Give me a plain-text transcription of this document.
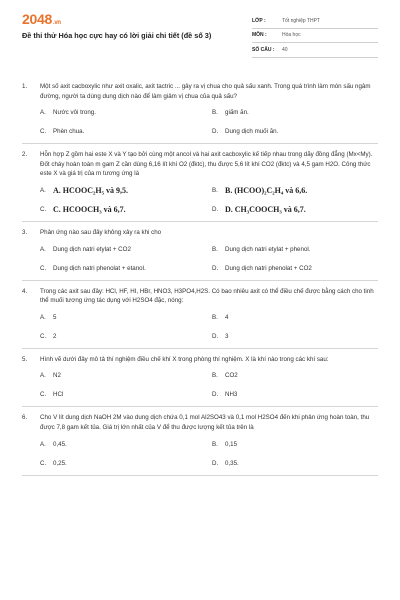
2048.vn
Đề thi thử Hóa học cực hay có lời giải chi tiết (đề số 3)
LỚP :	Tốt nghiệp THPT
MÔN :	Hóa học
SỐ CÂU :	40
1.	Một số axit cacboxylic như axit oxalic, axit tactric ... gây ra vị chua cho quả sấu xanh. Trong quá trình làm món sấu ngâm đường, người ta dùng dung dịch nào để làm giảm vị chua của quả sấu?
A.	Nước vôi trong.	B.	giấm ăn.
C.	Phèn chua.	D.	Dung dịch muối ăn.
2.	Hỗn hợp Z gồm hai este X và Y tạo bởi cùng một ancol và hai axit cacboxylic kế tiếp nhau trong dãy đồng đẳng (Mx<My). Đốt cháy hoàn toàn m gam Z cần dùng 6,16 lít khí O2 (đktc), thu được 5,6 lít khí CO2 (đktc) và 4,5 gam H2O. Công thức este X và giá trị của m tương ứng là
A. A. HCOOC₂H₅ và 9,5.	B. B. (HCOO)₂C₂H₄ và 6,6.
C. C. HCOOCH₃ và 6,7.	D. D. CH₃COOCH₃ và 6,7.
3.	Phản ứng nào sau đây không xảy ra khi cho
A.	Dung dịch natri etylat + CO2	B.	Dung dịch natri etylat + phenol.
C.	Dung dịch natri phenolat + etanol.	D.	Dung dịch natri phenolat + CO2
4.	Trong các axit sau đây: HCl, HF, HI, HBr, HNO3, H3PO4,H2S. Có bao nhiêu axit có thể điều chế được bằng cách cho tinh thể muối tương ứng tác dụng với H2SO4 đặc, nóng:
A.	5	B.	4
C.	2	D.	3
5.	Hình vẽ dưới đây mô tả thí nghiệm điều chế khí X trong phòng thí nghiệm. X là khí nào trong các khí sau:
A.	N2	B.	CO2
C.	HCl	D.	NH3
6.	Cho V lít dung dịch NaOH 2M vào dung dịch chứa 0,1 mol Al2SO43 và 0,1 mol H2SO4 đến khi phản ứng hoàn toàn, thu được 7,8 gam kết tủa. Giá trị lớn nhất của V để thu được lượng kết tủa trên là
A.	0,45.	B.	0,15
C.	0,25.	D.	0,35.
